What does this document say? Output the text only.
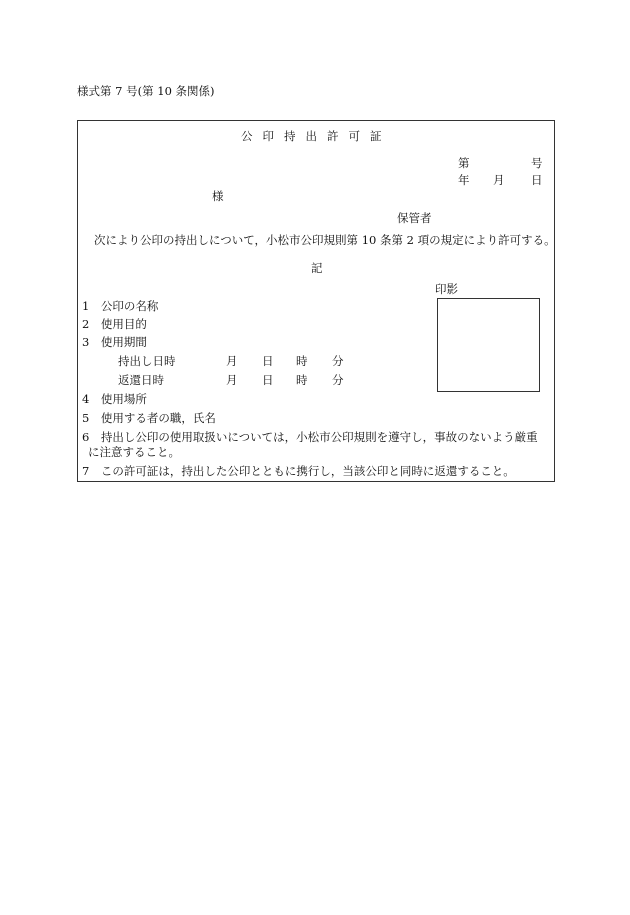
様式第 7 号(第 10 条関係)
公印持出許可証
第	号
年 月 日
様
保管者
次により公印の持出しについて，小松市公印規則第 10 条第 2 項の規定により許可する。
記
印影
1　公印の名称
2　使用目的
3　使用期間
持出し日時	月 日 時 分
返還日時	月 日 時 分
4　使用場所
5　使用する者の職，氏名
6　持出し公印の使用取扱いについては，小松市公印規則を遵守し，事故のないよう厳重
に注意すること。
7　この許可証は，持出した公印とともに携行し，当該公印と同時に返還すること。
